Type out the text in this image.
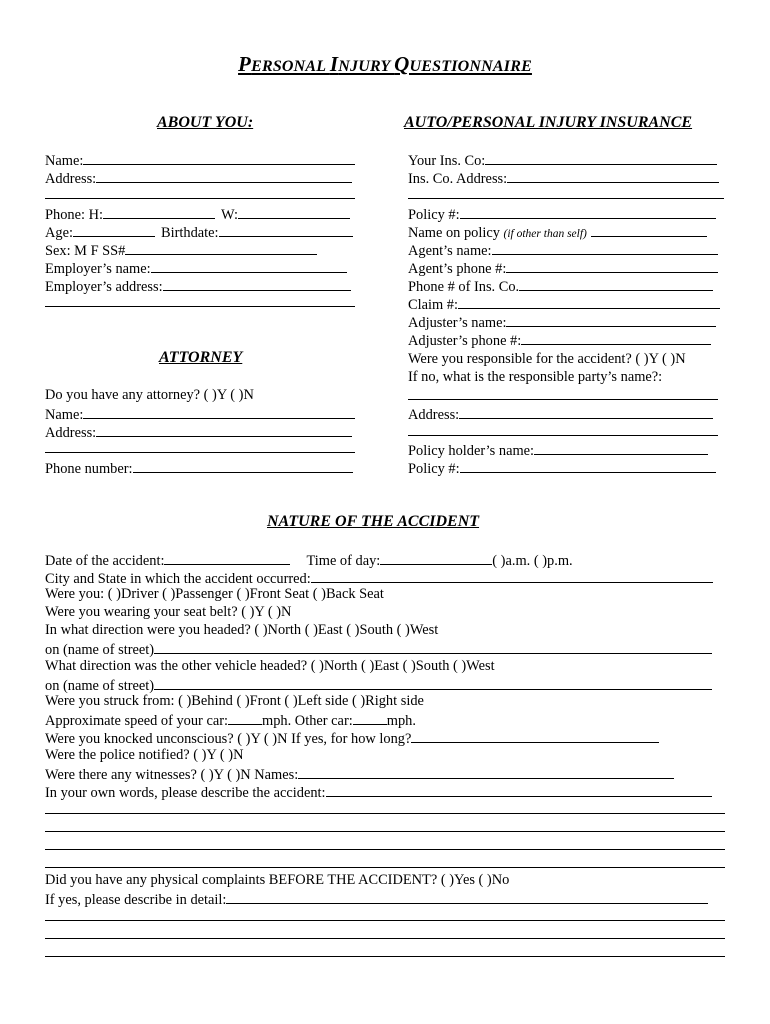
PERSONAL INJURY QUESTIONNAIRE
ABOUT YOU:
Name:
Address:
Phone: H:	W:
Age:	Birthdate:
Sex: M F SS#
Employer’s name:
Employer’s address:
ATTORNEY
Do you have any attorney? ( )Y ( )N
Name:
Address:
Phone number:
AUTO/PERSONAL INJURY INSURANCE
Your Ins. Co:
Ins. Co. Address:
Policy #:
Name on policy (if other than self)
Agent’s name:
Agent’s phone #:
Phone # of Ins. Co.
Claim #:
Adjuster’s name:
Adjuster’s phone #:
Were you responsible for the accident? ( )Y ( )N
If no, what is the responsible party’s name?:
Address:
Policy holder’s name:
Policy #:
NATURE OF THE ACCIDENT
Date of the accident:	Time of day:	( )a.m. ( )p.m.
City and State in which the accident occurred:
Were you: ( )Driver ( )Passenger ( )Front Seat ( )Back Seat
Were you wearing your seat belt? ( )Y ( )N
In what direction were you headed? ( )North ( )East ( )South ( )West
on (name of street)
What direction was the other vehicle headed? ( )North ( )East ( )South ( )West
on (name of street)
Were you struck from: ( )Behind ( )Front ( )Left side ( )Right side
Approximate speed of your car: mph. Other car: mph.
Were you knocked unconscious? ( )Y ( )N If yes, for how long?
Were the police notified? ( )Y ( )N
Were there any witnesses? ( )Y ( )N Names:
In your own words, please describe the accident:
Did you have any physical complaints BEFORE THE ACCIDENT? ( )Yes ( )No
If yes, please describe in detail:
